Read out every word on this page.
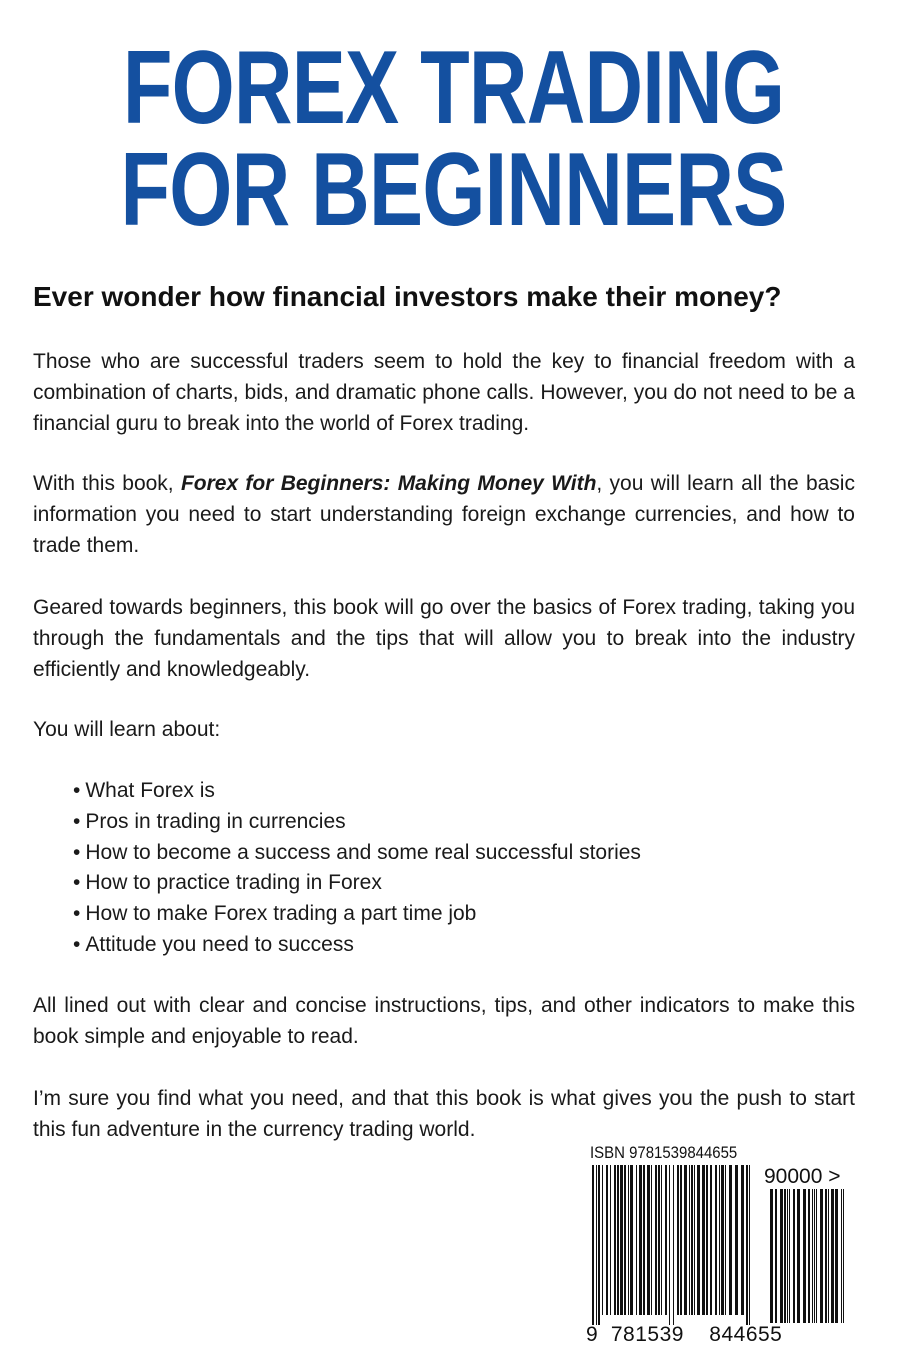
FOREX TRADING
FOR BEGINNERS
Ever wonder how financial investors make their money?
Those who are successful traders seem to hold the key to financial freedom with a combination of charts, bids, and dramatic phone calls. However, you do not need to be a financial guru to break into the world of Forex trading.
With this book, Forex for Beginners: Making Money With, you will learn all the basic information you need to start understanding foreign exchange currencies, and how to trade them.
Geared towards beginners, this book will go over the basics of Forex trading, taking you through the fundamentals and the tips that will allow you to break into the industry efficiently and knowledgeably.
You will learn about:
• What Forex is
• Pros in trading in currencies
• How to become a success and some real successful stories
• How to practice trading in Forex
• How to make Forex trading a part time job
• Attitude you need to success
All lined out with clear and concise instructions, tips, and other indicators to make this book simple and enjoyable to read.
I’m sure you find what you need, and that this book is what gives you the push to start this fun adventure in the currency trading world.
ISBN 9781539844655
90000 >
9 781539 844655
